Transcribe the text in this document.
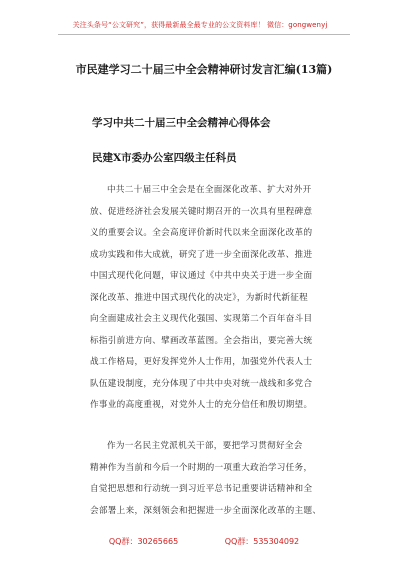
关注头条号“公文研究”，获得最新最全最专业的公文资料库！ 微信：gongwenyj
市民建学习二十届三中全会精神研讨发言汇编(13篇)
学习中共二十届三中全会精神心得体会
民建X市委办公室四级主任科员
中共二十届三中全会是在全面深化改革、扩大对外开
放、促进经济社会发展关键时期召开的一次具有里程碑意
义的重要会议。全会高度评价新时代以来全面深化改革的
成功实践和伟大成就，研究了进一步全面深化改革、推进
中国式现代化问题，审议通过《中共中央关于进一步全面
深化改革、推进中国式现代化的决定》，为新时代新征程
向全面建成社会主义现代化强国、实现第二个百年奋斗目
标指引前进方向、擘画改革蓝图。全会指出，要完善大统
战工作格局，更好发挥党外人士作用，加强党外代表人士
队伍建设制度，充分体现了中共中央对统一战线和多党合
作事业的高度重视，对党外人士的充分信任和殷切期望。
作为一名民主党派机关干部，要把学习贯彻好全会
精神作为当前和今后一个时期的一项重大政治学习任务，
自觉把思想和行动统一到习近平总书记重要讲话精神和全
会部署上来，深刻领会和把握进一步全面深化改革的主题、
QQ群：30265665	QQ群：535304092
